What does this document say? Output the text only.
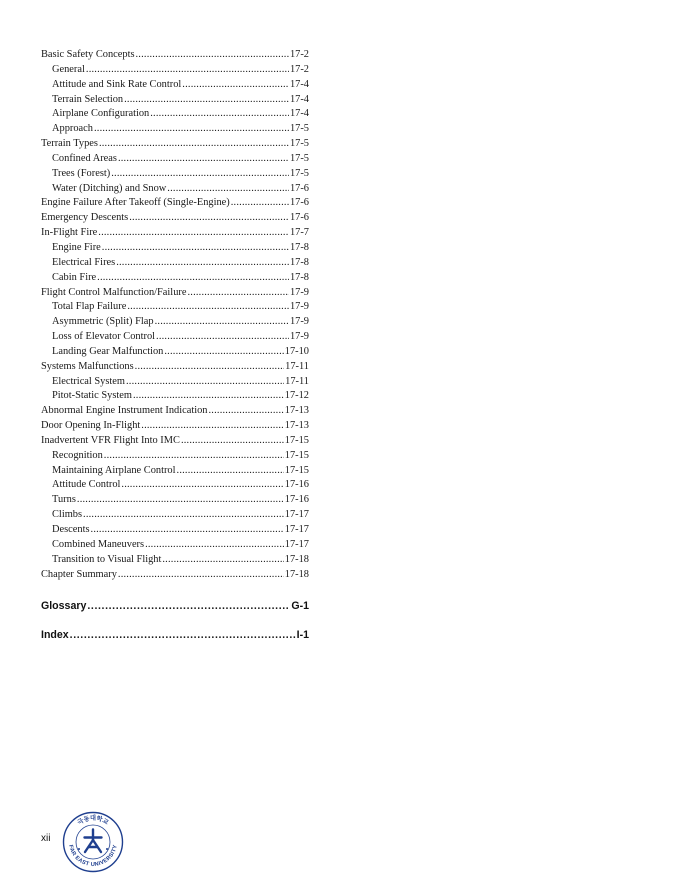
Basic Safety Concepts .....	17-2
General .....	17-2
Attitude and Sink Rate Control .....	17-4
Terrain Selection .....	17-4
Airplane Configuration .....	17-4
Approach .....	17-5
Terrain Types .....	17-5
Confined Areas .....	17-5
Trees (Forest) .....	17-5
Water (Ditching) and Snow .....	17-6
Engine Failure After Takeoff (Single-Engine) .....	17-6
Emergency Descents .....	17-6
In-Flight Fire .....	17-7
Engine Fire .....	17-8
Electrical Fires .....	17-8
Cabin Fire .....	17-8
Flight Control Malfunction/Failure .....	17-9
Total Flap Failure .....	17-9
Asymmetric (Split) Flap .....	17-9
Loss of Elevator Control .....	17-9
Landing Gear Malfunction .....	17-10
Systems Malfunctions .....	17-11
Electrical System .....	17-11
Pitot-Static System .....	17-12
Abnormal Engine Instrument Indication .....	17-13
Door Opening In-Flight .....	17-13
Inadvertent VFR Flight Into IMC .....	17-15
Recognition .....	17-15
Maintaining Airplane Control .....	17-15
Attitude Control .....	17-16
Turns .....	17-16
Climbs .....	17-17
Descents .....	17-17
Combined Maneuvers .....	17-17
Transition to Visual Flight .....	17-18
Chapter Summary .....	17-18
Glossary .....	G-1
Index .....	I-1
xii
극동대학교
FAR EAST UNIVERSITY
